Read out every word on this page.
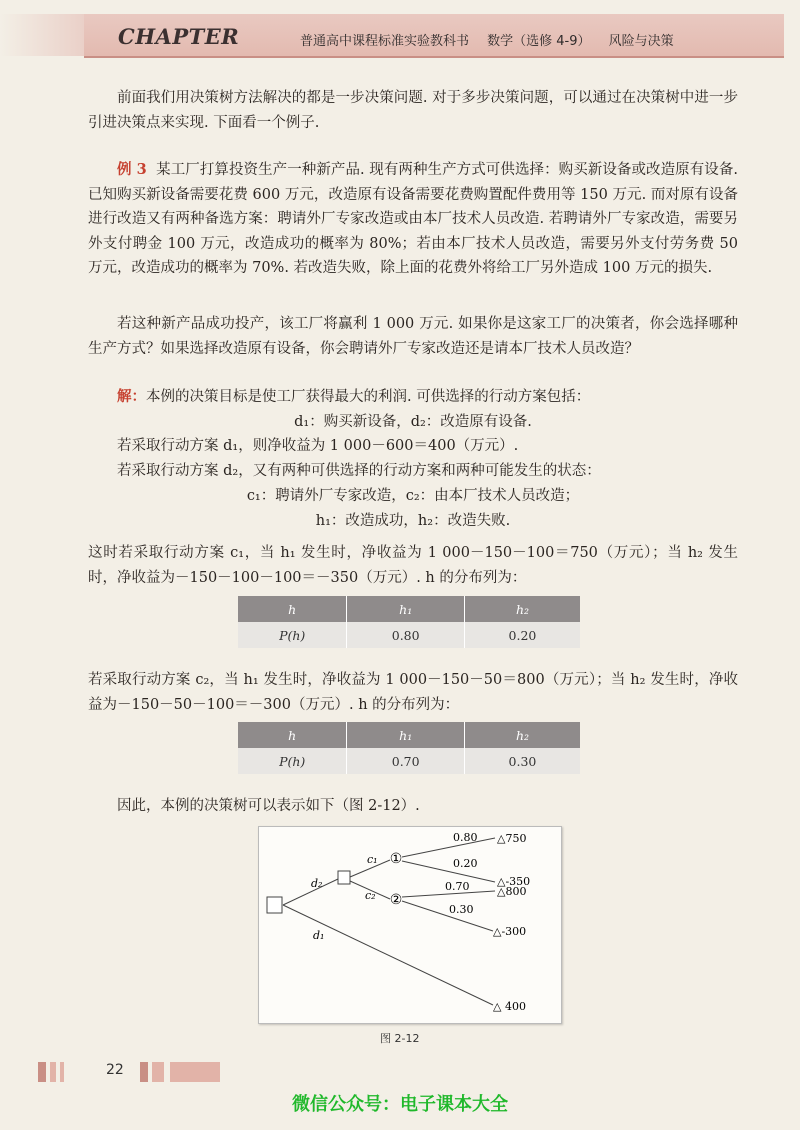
CHAPTER	普通高中课程标准实验教科书 数学（选修 4-9） 风险与决策

前面我们用决策树方法解决的都是一步决策问题. 对于多步决策问题，可以通过在决策树中进一步引进决策点来实现. 下面看一个例子.

例 3 某工厂打算投资生产一种新产品. 现有两种生产方式可供选择：购买新设备或改造原有设备. 已知购买新设备需要花费 600 万元，改造原有设备需要花费购置配件费用等 150 万元. 而对原有设备进行改造又有两种备选方案：聘请外厂专家改造或由本厂技术人员改造. 若聘请外厂专家改造，需要另外支付聘金 100 万元，改造成功的概率为 80%；若由本厂技术人员改造，需要另外支付劳务费 50 万元，改造成功的概率为 70%. 若改造失败，除上面的花费外将给工厂另外造成 100 万元的损失.

若这种新产品成功投产，该工厂将赢利 1 000 万元. 如果你是这家工厂的决策者，你会选择哪种生产方式？如果选择改造原有设备，你会聘请外厂专家改造还是请本厂技术人员改造？

解：本例的决策目标是使工厂获得最大的利润. 可供选择的行动方案包括：

d₁：购买新设备，d₂：改造原有设备.

若采取行动方案 d₁，则净收益为 1 000－600＝400（万元）.

若采取行动方案 d₂，又有两种可供选择的行动方案和两种可能发生的状态：

c₁：聘请外厂专家改造，c₂：由本厂技术人员改造；

h₁：改造成功，h₂：改造失败.

这时若采取行动方案 c₁，当 h₁ 发生时，净收益为 1 000－150－100＝750（万元）；当 h₂ 发生时，净收益为－150－100－100＝－350（万元）. h 的分布列为：

h	h₁	h₂
P(h)	0.80	0.20

若采取行动方案 c₂，当 h₁ 发生时，净收益为 1 000－150－50＝800（万元）；当 h₂ 发生时，净收益为－150－50－100＝－300（万元）. h 的分布列为：

h	h₁	h₂
P(h)	0.70	0.30

因此，本例的决策树可以表示如下（图 2-12）.

①
②
c₁
c₂
d₂
d₁
0.80
0.20
0.70
0.30
△750
△-350
△800
△-300
△ 400
图 2-12
22
微信公众号：电子课本大全
